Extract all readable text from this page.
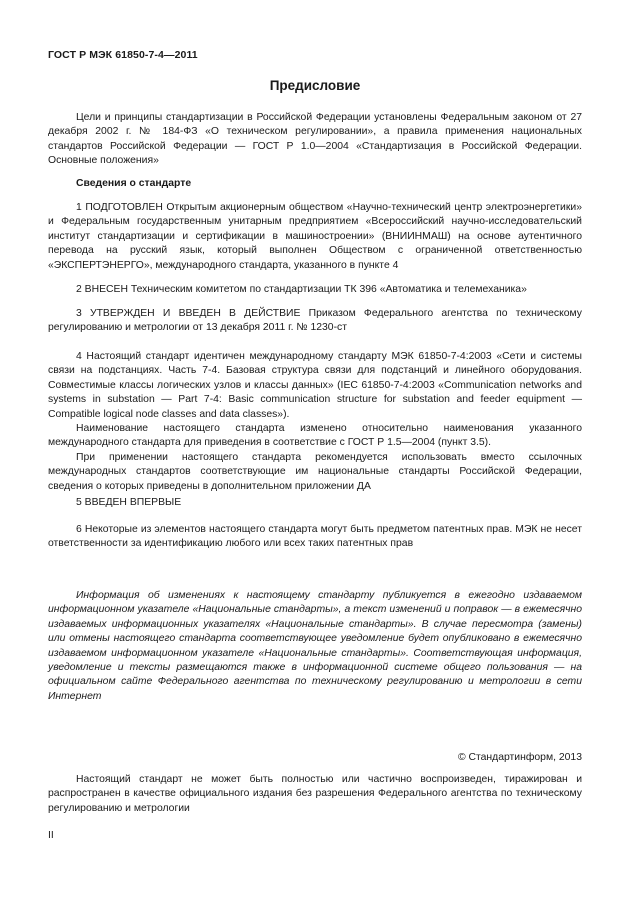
ГОСТ Р МЭК 61850-7-4—2011
Предисловие

Цели и принципы стандартизации в Российской Федерации установлены Федеральным законом от 27 декабря 2002 г. № 184-ФЗ «О техническом регулировании», а правила применения национальных стандартов Российской Федерации — ГОСТ Р 1.0—2004 «Стандартизация в Российской Федерации. Основные положения»

Сведения о стандарте

1 ПОДГОТОВЛЕН Открытым акционерным обществом «Научно-технический центр электроэнергетики» и Федеральным государственным унитарным предприятием «Всероссийский научно-исследовательский институт стандартизации и сертификации в машиностроении» (ВНИИНМАШ) на основе аутентичного перевода на русский язык, который выполнен Обществом с ограниченной ответственностью «ЭКСПЕРТЭНЕРГО», международного стандарта, указанного в пункте 4

2 ВНЕСЕН Техническим комитетом по стандартизации ТК 396 «Автоматика и телемеханика»

3 УТВЕРЖДЕН И ВВЕДЕН В ДЕЙСТВИЕ Приказом Федерального агентства по техническому регулированию и метрологии от 13 декабря 2011 г. № 1230-ст

4 Настоящий стандарт идентичен международному стандарту МЭК 61850-7-4:2003 «Сети и системы связи на подстанциях. Часть 7-4. Базовая структура связи для подстанций и линейного оборудования. Совместимые классы логических узлов и классы данных» (IEC 61850-7-4:2003 «Communication networks and systems in substation — Part 7-4: Basic communication structure for substation and feeder equipment — Compatible logical node classes and data classes»).

Наименование настоящего стандарта изменено относительно наименования указанного международного стандарта для приведения в соответствие с ГОСТ Р 1.5—2004 (пункт 3.5).

При применении настоящего стандарта рекомендуется использовать вместо ссылочных международных стандартов соответствующие им национальные стандарты Российской Федерации, сведения о которых приведены в дополнительном приложении ДА

5 ВВЕДЕН ВПЕРВЫЕ

6 Некоторые из элементов настоящего стандарта могут быть предметом патентных прав. МЭК не несет ответственности за идентификацию любого или всех таких патентных прав

Информация об изменениях к настоящему стандарту публикуется в ежегодно издаваемом информационном указателе «Национальные стандарты», а текст изменений и поправок — в ежемесячно издаваемых информационных указателях «Национальные стандарты». В случае пересмотра (замены) или отмены настоящего стандарта соответствующее уведомление будет опубликовано в ежемесячно издаваемом информационном указателе «Национальные стандарты». Соответствующая информация, уведомление и тексты размещаются также в информационной системе общего пользования — на официальном сайте Федерального агентства по техническому регулированию и метрологии в сети Интернет

© Стандартинформ, 2013

Настоящий стандарт не может быть полностью или частично воспроизведен, тиражирован и распространен в качестве официального издания без разрешения Федерального агентства по техническому регулированию и метрологии

II
